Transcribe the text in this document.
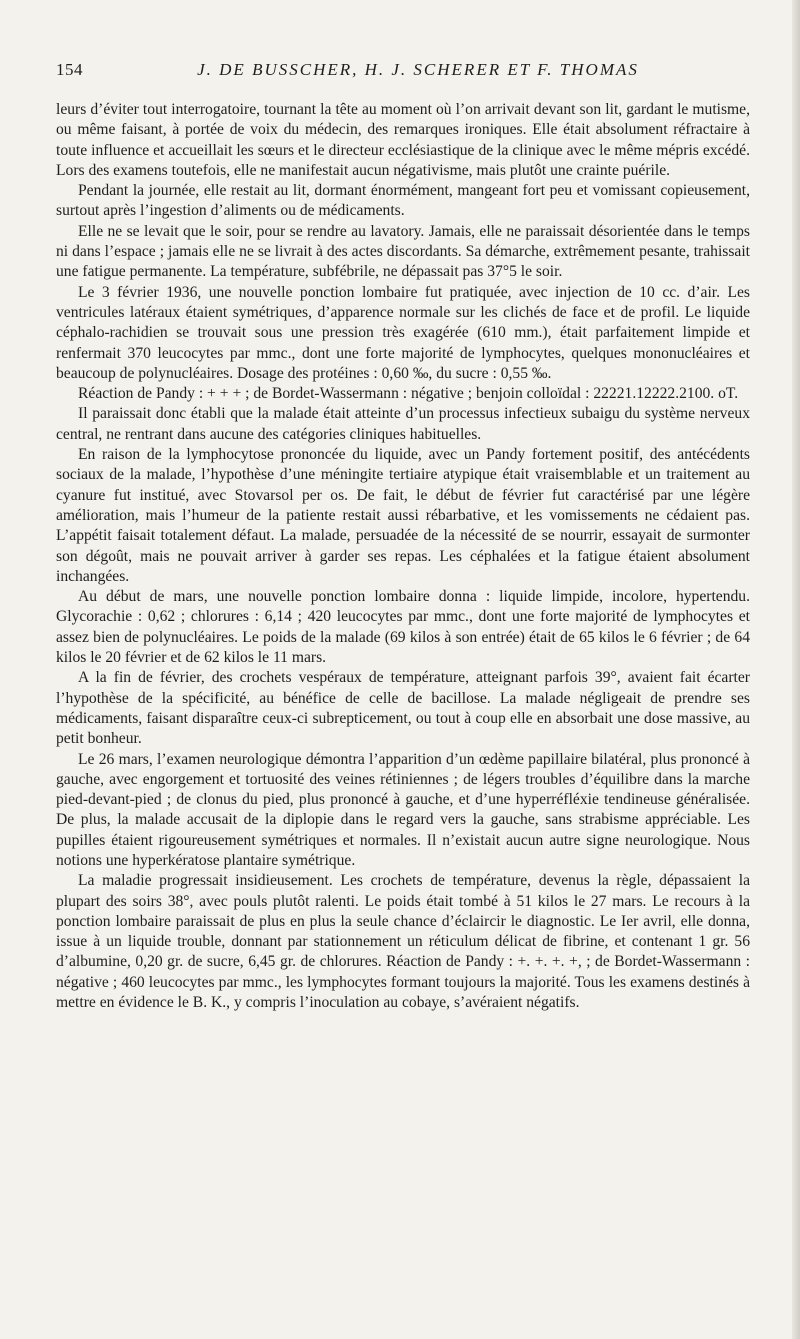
154	J. DE BUSSCHER, H. J. SCHERER ET F. THOMAS

leurs d’éviter tout interrogatoire, tournant la tête au moment où l’on arrivait devant son lit, gardant le mutisme, ou même faisant, à portée de voix du médecin, des remarques ironiques. Elle était absolument réfractaire à toute influence et accueillait les sœurs et le directeur ecclésiastique de la clinique avec le même mépris excédé. Lors des examens toutefois, elle ne manifestait aucun négativisme, mais plutôt une crainte puérile.

Pendant la journée, elle restait au lit, dormant énormément, mangeant fort peu et vomissant copieusement, surtout après l’ingestion d’aliments ou de médicaments.

Elle ne se levait que le soir, pour se rendre au lavatory. Jamais, elle ne paraissait désorientée dans le temps ni dans l’espace ; jamais elle ne se livrait à des actes discordants. Sa démarche, extrêmement pesante, trahissait une fatigue permanente. La température, subfébrile, ne dépassait pas 37°5 le soir.

Le 3 février 1936, une nouvelle ponction lombaire fut pratiquée, avec injection de 10 cc. d’air. Les ventricules latéraux étaient symétriques, d’apparence normale sur les clichés de face et de profil. Le liquide céphalo-rachidien se trouvait sous une pression très exagérée (610 mm.), était parfaitement limpide et renfermait 370 leucocytes par mmc., dont une forte majorité de lymphocytes, quelques mononucléaires et beaucoup de polynucléaires. Dosage des protéines : 0,60 ‰, du sucre : 0,55 ‰.

Réaction de Pandy : + + + ; de Bordet-Wassermann : négative ; benjoin colloïdal : 22221.12222.2100. oT.

Il paraissait donc établi que la malade était atteinte d’un processus infectieux subaigu du système nerveux central, ne rentrant dans aucune des catégories cliniques habituelles.

En raison de la lymphocytose prononcée du liquide, avec un Pandy fortement positif, des antécédents sociaux de la malade, l’hypothèse d’une méningite tertiaire atypique était vraisemblable et un traitement au cyanure fut institué, avec Stovarsol per os. De fait, le début de février fut caractérisé par une légère amélioration, mais l’humeur de la patiente restait aussi rébarbative, et les vomissements ne cédaient pas. L’appétit faisait totalement défaut. La malade, persuadée de la nécessité de se nourrir, essayait de surmonter son dégoût, mais ne pouvait arriver à garder ses repas. Les céphalées et la fatigue étaient absolument inchangées.

Au début de mars, une nouvelle ponction lombaire donna : liquide limpide, incolore, hypertendu. Glycorachie : 0,62 ; chlorures : 6,14 ; 420 leucocytes par mmc., dont une forte majorité de lymphocytes et assez bien de polynucléaires. Le poids de la malade (69 kilos à son entrée) était de 65 kilos le 6 février ; de 64 kilos le 20 février et de 62 kilos le 11 mars.

A la fin de février, des crochets vespéraux de température, atteignant parfois 39°, avaient fait écarter l’hypothèse de la spécificité, au bénéfice de celle de bacillose. La malade négligeait de prendre ses médicaments, faisant disparaître ceux-ci subrepticement, ou tout à coup elle en absorbait une dose massive, au petit bonheur.

Le 26 mars, l’examen neurologique démontra l’apparition d’un œdème papillaire bilatéral, plus prononcé à gauche, avec engorgement et tortuosité des veines rétiniennes ; de légers troubles d’équilibre dans la marche pied-devant-pied ; de clonus du pied, plus prononcé à gauche, et d’une hyperréfléxie tendineuse généralisée. De plus, la malade accusait de la diplopie dans le regard vers la gauche, sans strabisme appréciable. Les pupilles étaient rigoureusement symétriques et normales. Il n’existait aucun autre signe neurologique. Nous notions une hyperkératose plantaire symétrique.

La maladie progressait insidieusement. Les crochets de température, devenus la règle, dépassaient la plupart des soirs 38°, avec pouls plutôt ralenti. Le poids était tombé à 51 kilos le 27 mars. Le recours à la ponction lombaire paraissait de plus en plus la seule chance d’éclaircir le diagnostic. Le Ier avril, elle donna, issue à un liquide trouble, donnant par stationnement un réticulum délicat de fibrine, et contenant 1 gr. 56 d’albumine, 0,20 gr. de sucre, 6,45 gr. de chlorures. Réaction de Pandy : +. +. +. +, ; de Bordet-Wassermann : négative ; 460 leucocytes par mmc., les lymphocytes formant toujours la majorité. Tous les examens destinés à mettre en évidence le B. K., y compris l’inoculation au cobaye, s’avéraient négatifs.
